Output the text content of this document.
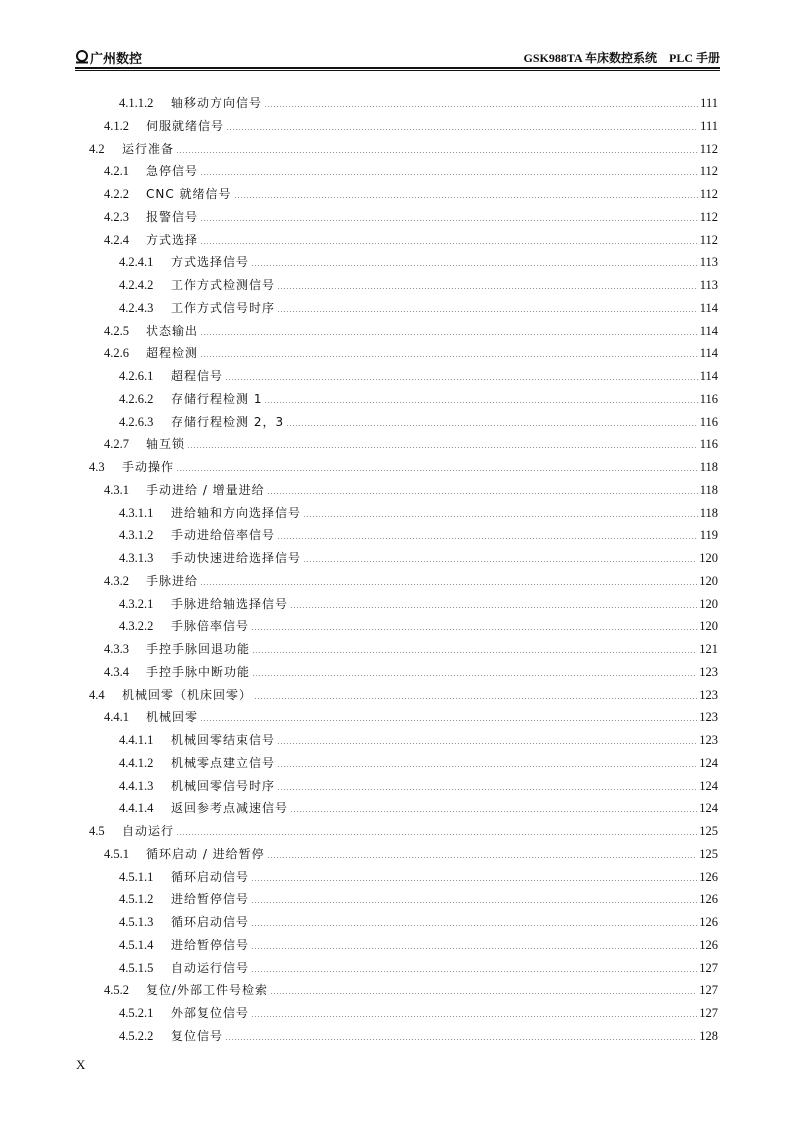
广州数控	GSK988TA 车床数控系统　PLC 手册
4.1.1.2	轴移动方向信号	111
4.1.2	伺服就绪信号	111
4.2	运行准备	112
4.2.1	急停信号	112
4.2.2	CNC 就绪信号	112
4.2.3	报警信号	112
4.2.4	方式选择	112
4.2.4.1	方式选择信号	113
4.2.4.2	工作方式检测信号	113
4.2.4.3	工作方式信号时序	114
4.2.5	状态输出	114
4.2.6	超程检测	114
4.2.6.1	超程信号	114
4.2.6.2	存储行程检测 1	116
4.2.6.3	存储行程检测 2，3	116
4.2.7	轴互锁	116
4.3	手动操作	118
4.3.1	手动进给 / 增量进给	118
4.3.1.1	进给轴和方向选择信号	118
4.3.1.2	手动进给倍率信号	119
4.3.1.3	手动快速进给选择信号	120
4.3.2	手脉进给	120
4.3.2.1	手脉进给轴选择信号	120
4.3.2.2	手脉倍率信号	120
4.3.3	手控手脉回退功能	121
4.3.4	手控手脉中断功能	123
4.4	机械回零（机床回零）	123
4.4.1	机械回零	123
4.4.1.1	机械回零结束信号	123
4.4.1.2	机械零点建立信号	124
4.4.1.3	机械回零信号时序	124
4.4.1.4	返回参考点减速信号	124
4.5	自动运行	125
4.5.1	循环启动 / 进给暂停	125
4.5.1.1	循环启动信号	126
4.5.1.2	进给暂停信号	126
4.5.1.3	循环启动信号	126
4.5.1.4	进给暂停信号	126
4.5.1.5	自动运行信号	127
4.5.2	复位/外部工件号检索	127
4.5.2.1	外部复位信号	127
4.5.2.2	复位信号	128
X
